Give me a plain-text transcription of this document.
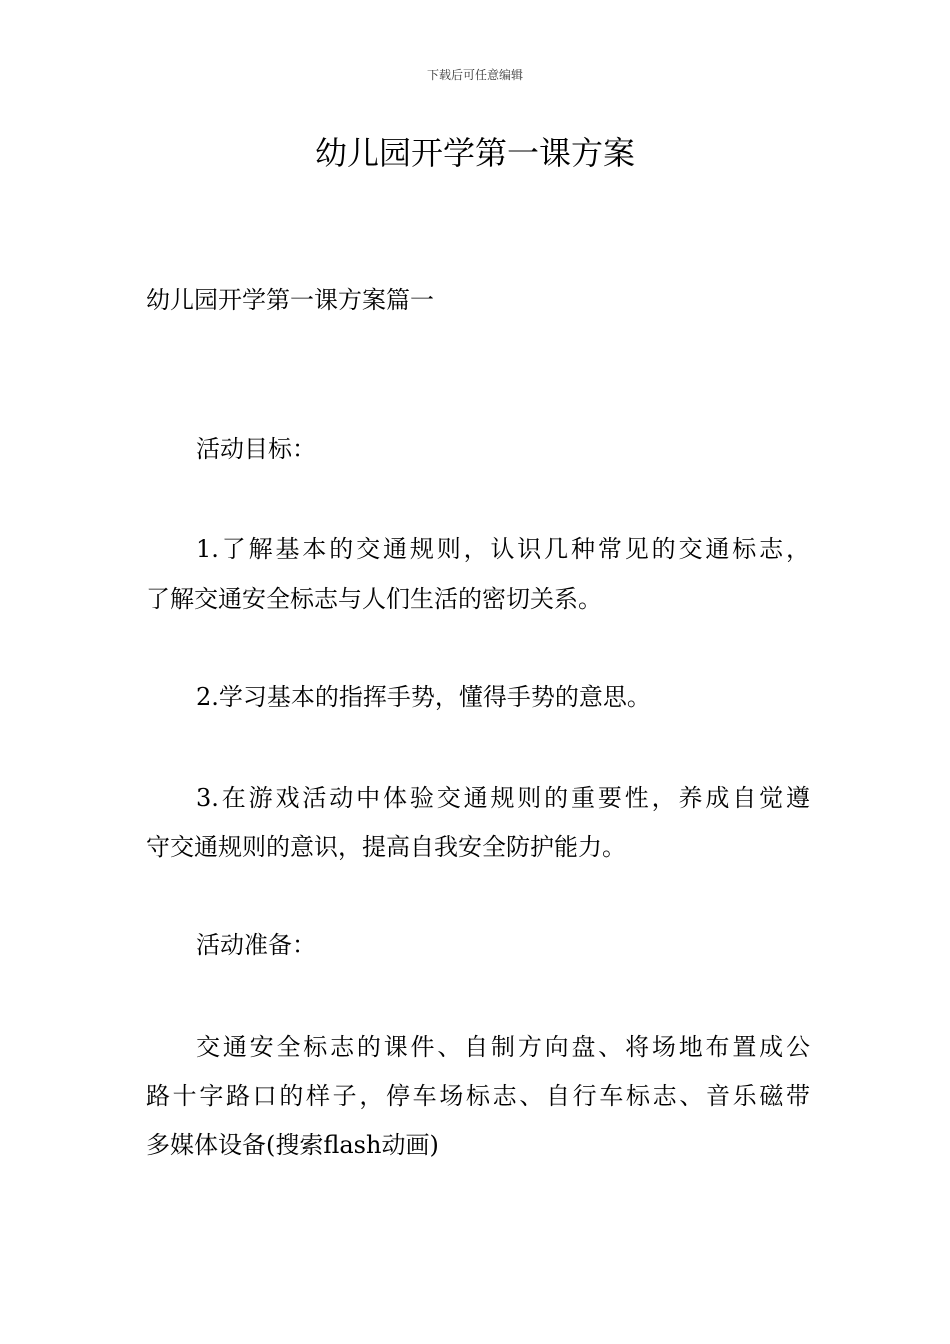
下载后可任意编辑
幼儿园开学第一课方案
幼儿园开学第一课方案篇一
活动目标：
1.了解基本的交通规则，认识几种常见的交通标志，
了解交通安全标志与人们生活的密切关系。
2.学习基本的指挥手势，懂得手势的意思。
3.在游戏活动中体验交通规则的重要性，养成自觉遵
守交通规则的意识，提高自我安全防护能力。
活动准备：
交通安全标志的课件、自制方向盘、将场地布置成公
路十字路口的样子，停车场标志、自行车标志、音乐磁带
多媒体设备(搜索flash动画)
